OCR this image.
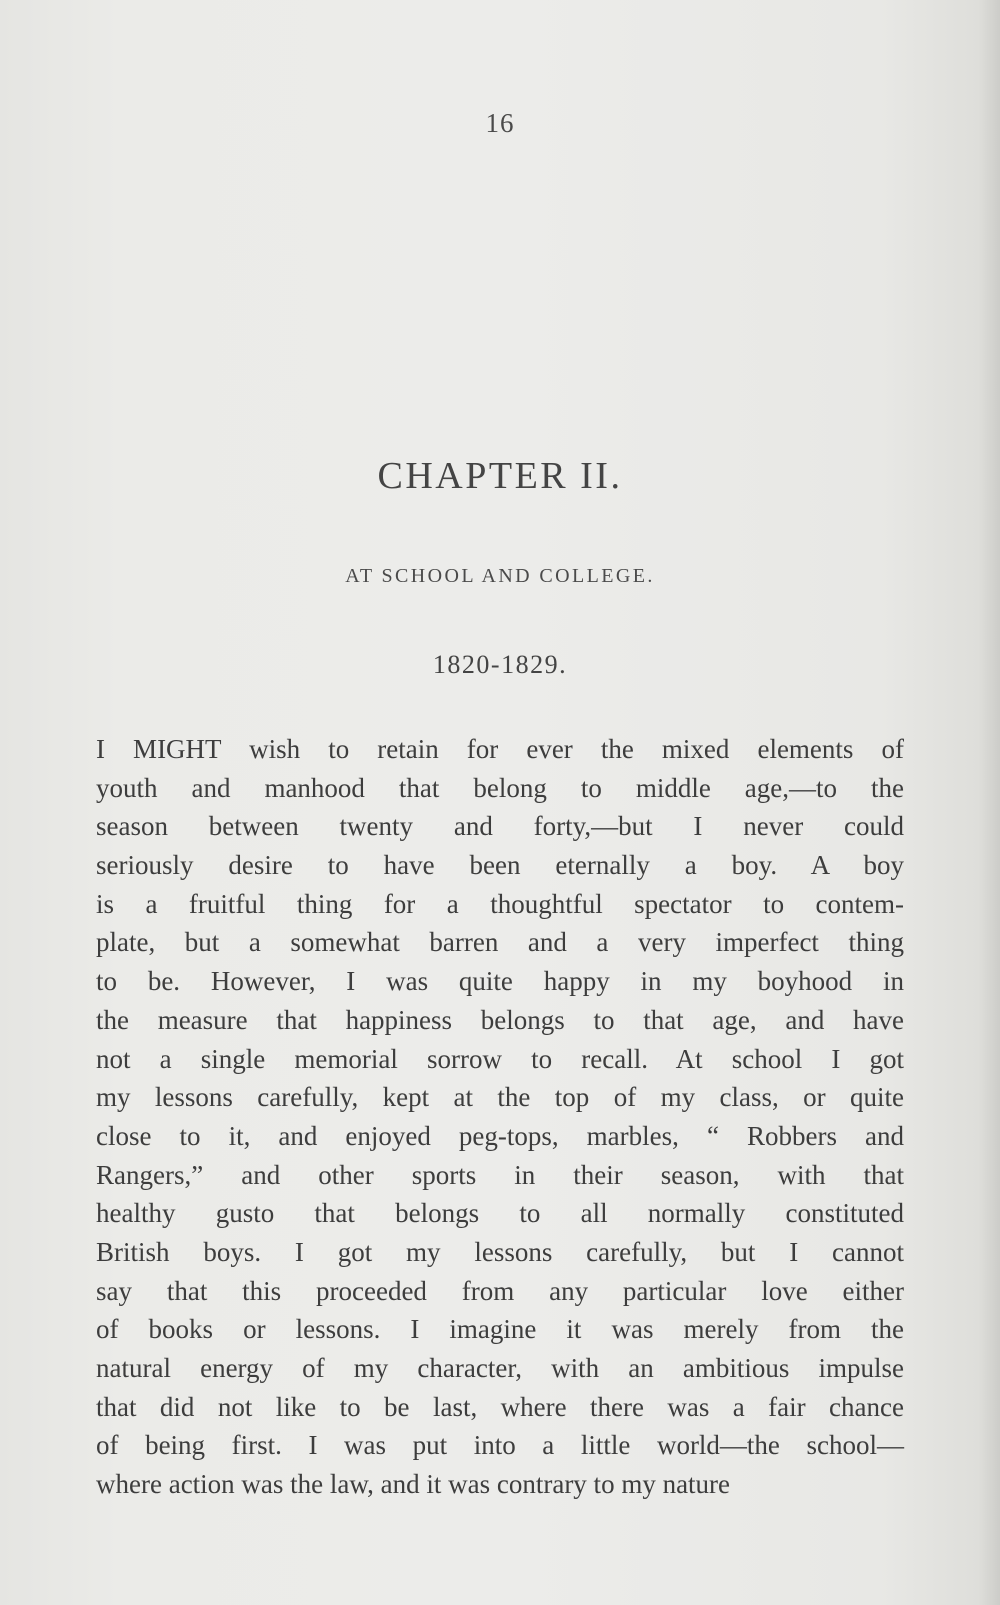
16
CHAPTER II.
AT SCHOOL AND COLLEGE.
1820-1829.
I MIGHT wish to retain for ever the mixed elements of
youth and manhood that belong to middle age,—to the
season between twenty and forty,—but I never could
seriously desire to have been eternally a boy. A boy
is a fruitful thing for a thoughtful spectator to contem-
plate, but a somewhat barren and a very imperfect thing
to be. However, I was quite happy in my boyhood in
the measure that happiness belongs to that age, and have
not a single memorial sorrow to recall. At school I got
my lessons carefully, kept at the top of my class, or quite
close to it, and enjoyed peg-tops, marbles, “ Robbers and
Rangers,” and other sports in their season, with that
healthy gusto that belongs to all normally constituted
British boys. I got my lessons carefully, but I cannot
say that this proceeded from any particular love either
of books or lessons. I imagine it was merely from the
natural energy of my character, with an ambitious impulse
that did not like to be last, where there was a fair chance
of being first. I was put into a little world—the school—
where action was the law, and it was contrary to my nature
